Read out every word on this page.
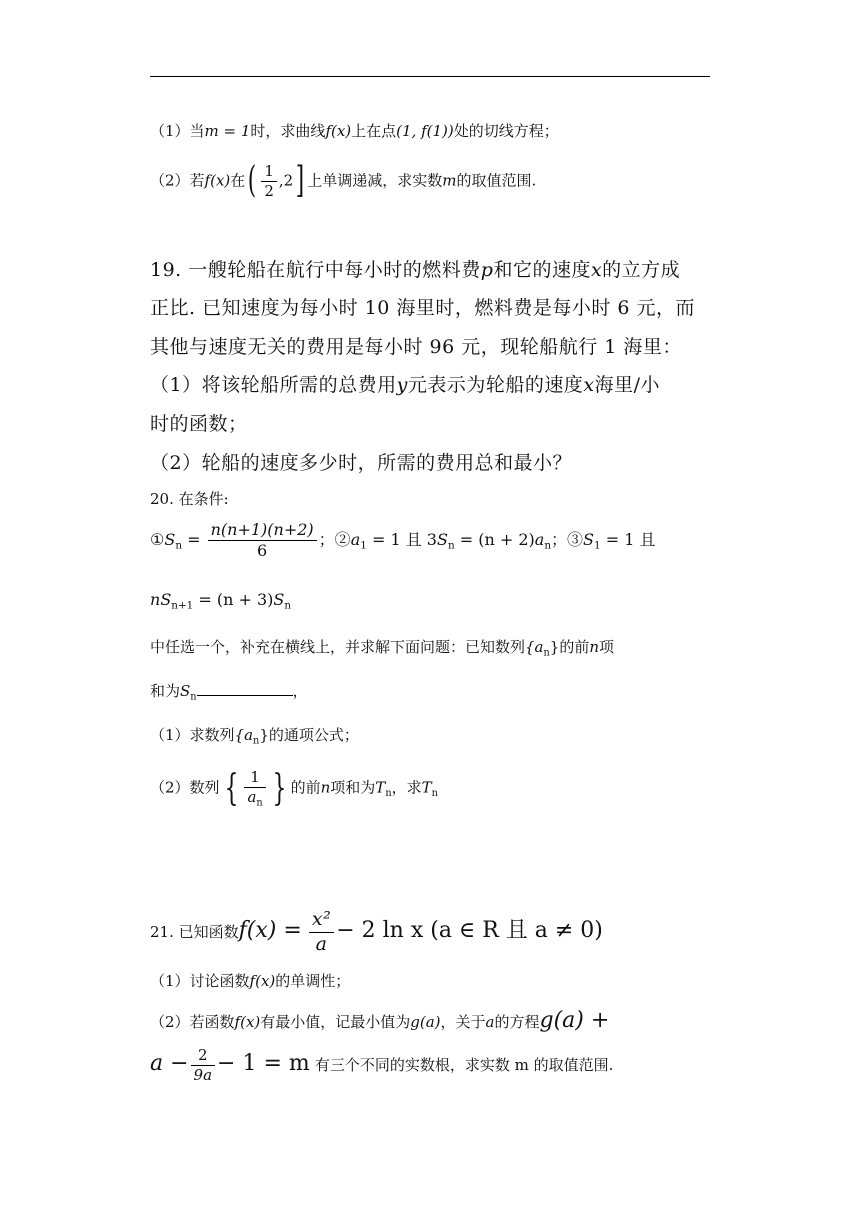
（1）当m = 1时，求曲线f(x)上在点(1, f(1))处的切线方程；
（2）若f(x)在( $\frac{1}{2} ,2$] 上单调递减，求实数m的取值范围.
19. 一艘轮船在航行中每小时的燃料费p和它的速度x的立方成
正比. 已知速度为每小时 10 海里时，燃料费是每小时 6 元，而
其他与速度无关的费用是每小时 96 元，现轮船航行 1 海里：
（1）将该轮船所需的总费用y元表示为轮船的速度x海里/小
时的函数；
（2）轮船的速度多少时，所需的费用总和最小？
20. 在条件:
$①S_n = \frac{n(n+1)(n+2)}{6}$ ；$②a_1 = 1$ 且 $3S_n = (n + 2)a_n$；$③S_1 = 1$ 且
$nS_{n+1} = (n + 3)S_n$
中任选一个，补充在横线上，并求解下面问题：已知数列$\{a_n\}$的前n项
和为$S_n$	，
（1）求数列$\{a_n\}$的通项公式；
（2）数列 { $\frac{1}{a_n}$ } 的前n项和为$T_n$，求$T_n$
21. 已知函数$f(x) = \frac{\text{x²}}{a} - 2$ ln x (a ∈ R 且 a ≠ 0)
（1）讨论函数f(x)的单调性；
（2）若函数f(x)有最小值，记最小值为g(a)，关于a的方程g(a) +
$a - \frac{2}{9a} - 1 = m$ 有三个不同的实数根，求实数 m 的取值范围.
